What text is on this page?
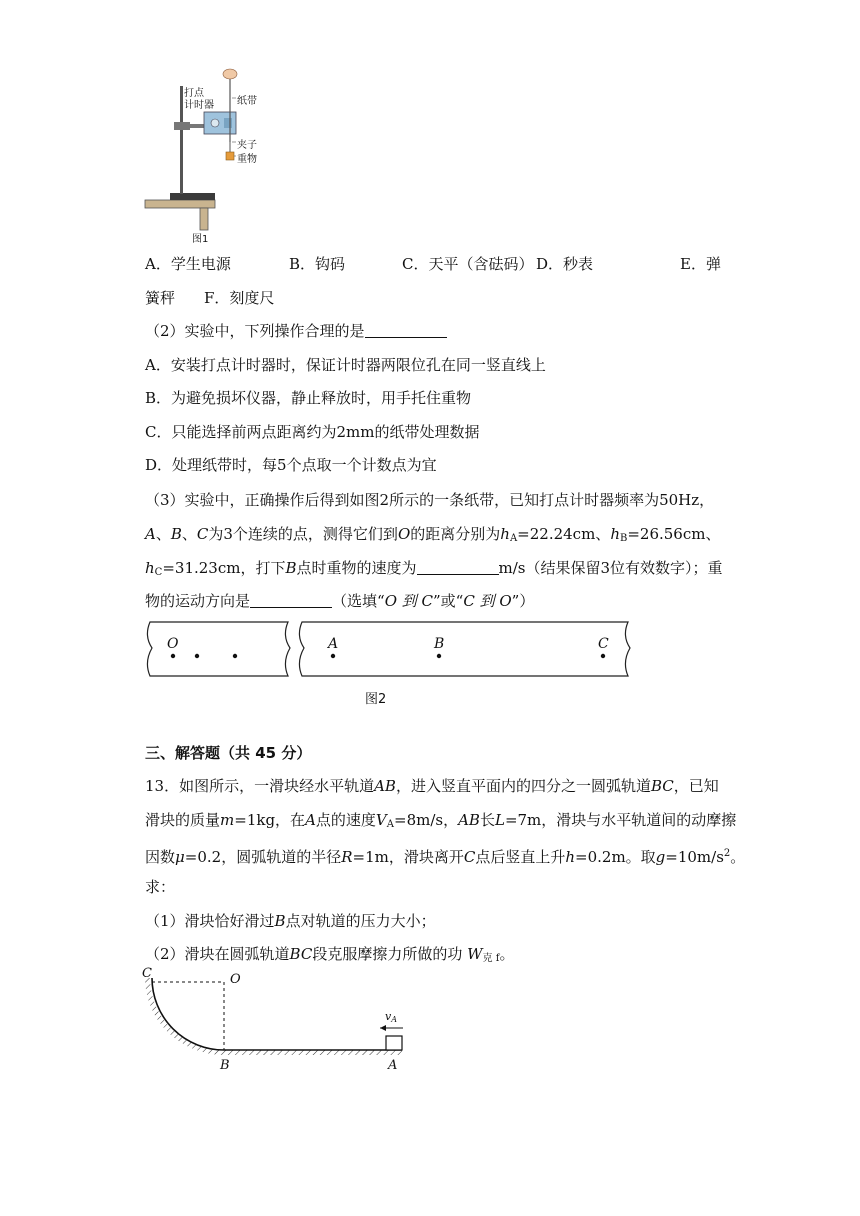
打点
计时器 纸带
夹子
重物
图1
A．学生电源	B．钩码	C．天平（含砝码） D．秒表	E．弹
簧秤 F．刻度尺
（2）实验中，下列操作合理的是
A．安装打点计时器时，保证计时器两限位孔在同一竖直线上
B．为避免损坏仪器，静止释放时，用手托住重物
C．只能选择前两点距离约为2mm的纸带处理数据
D．处理纸带时，每5个点取一个计数点为宜
（3）实验中，正确操作后得到如图2所示的一条纸带，已知打点计时器频率为50Hz，
A、B、C为3个连续的点，测得它们到O的距离分别为$h_A=22.24cm$、$h_B=26.56cm$、
$h_C=31.23cm$，打下B点时重物的速度为	m/s（结果保留3位有效数字）；重
物的运动方向是	（选填“O 到 C”或“C 到 O”）
O	A	B	C
图2
三、解答题（共 45 分）
13．如图所示，一滑块经水平轨道AB，进入竖直平面内的四分之一圆弧轨道BC，已知
滑块的质量m=1kg，在A点的速度$V_A=8m/s$，AB长L=7m，滑块与水平轨道间的动摩擦
因数μ=0.2，圆弧轨道的半径R=1m，滑块离开C点后竖直上升h=0.2m。取$g=10m/s^2$。
求：
（1）滑块恰好滑过B点对轨道的压力大小；
（2）滑块在圆弧轨道BC段克服摩擦力所做的功 $W_{克 f}$。
C	O
B	A
$v_A$
